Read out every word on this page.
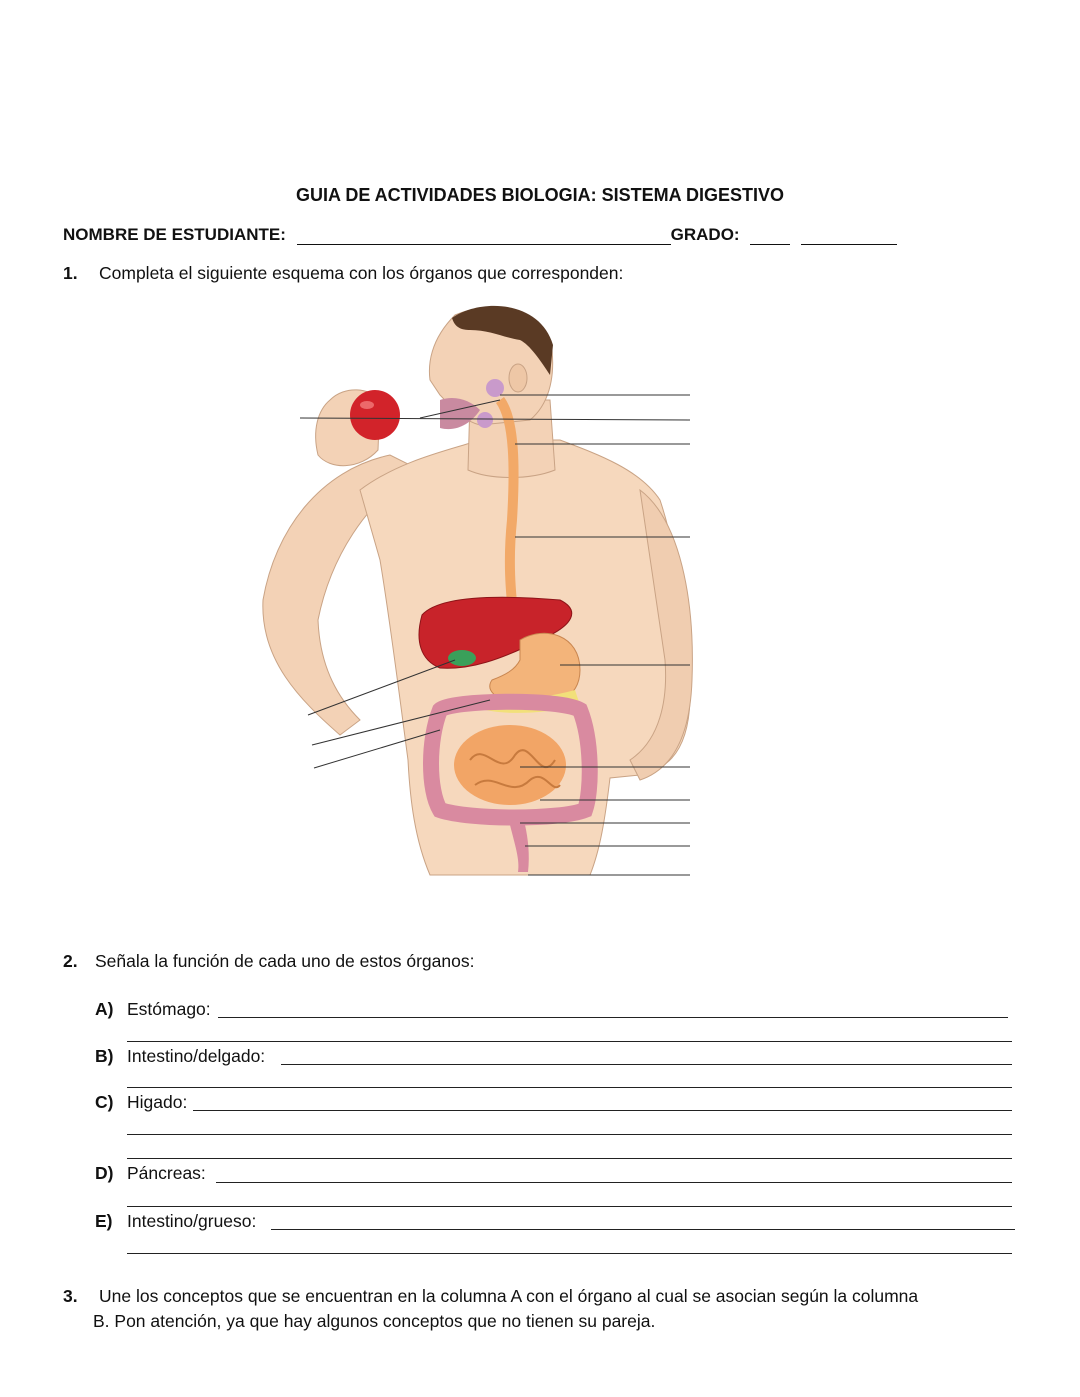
GUIA DE ACTIVIDADES BIOLOGIA: SISTEMA DIGESTIVO
NOMBRE DE ESTUDIANTE:	GRADO:
1. Completa el siguiente esquema con los órganos que corresponden:
2. Señala la función de cada uno de estos órganos:
A) Estómago:
B) Intestino/delgado:
C) Higado:
D) Páncreas:
E) Intestino/grueso:
3. Une los conceptos que se encuentran en la columna A con el órgano al cual se asocian según la columna
B. Pon atención, ya que hay algunos conceptos que no tienen su pareja.
